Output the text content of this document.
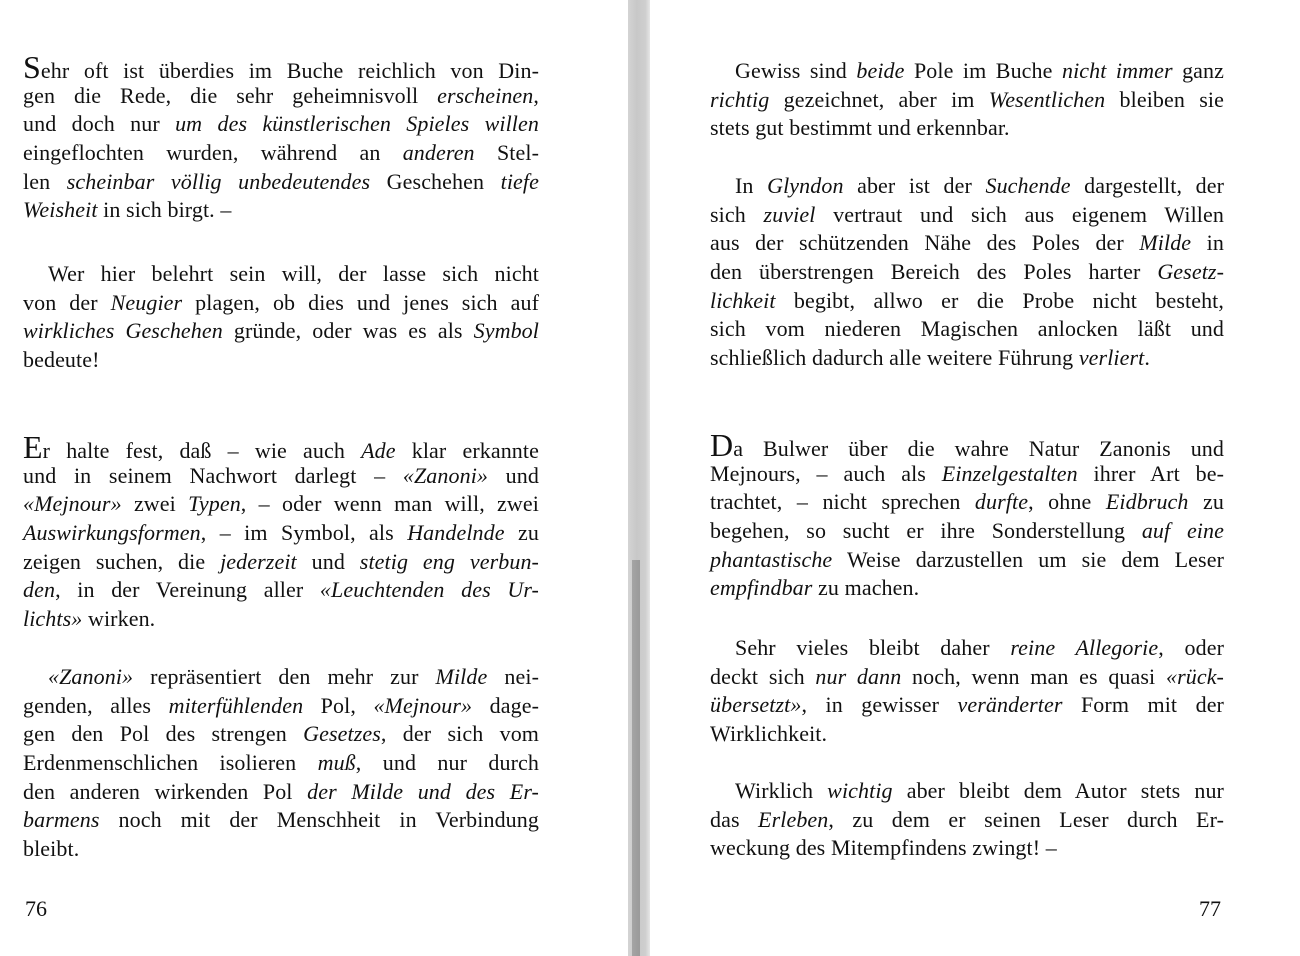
Sehr oft ist überdies im Buche reichlich von Din-
gen die Rede, die sehr geheimnisvoll erscheinen,
und doch nur um des künstlerischen Spieles willen
eingeflochten wurden, während an anderen Stel-
len scheinbar völlig unbedeutendes Geschehen tiefe
Weisheit in sich birgt. –
Wer hier belehrt sein will, der lasse sich nicht
von der Neugier plagen, ob dies und jenes sich auf
wirkliches Geschehen gründe, oder was es als Symbol
bedeute!
Er halte fest, daß – wie auch Ade klar erkannte
und in seinem Nachwort darlegt – «Zanoni» und
«Mejnour» zwei Typen, – oder wenn man will, zwei
Auswirkungsformen, – im Symbol, als Handelnde zu
zeigen suchen, die jederzeit und stetig eng verbun-
den, in der Vereinung aller «Leuchtenden des Ur-
lichts» wirken.
«Zanoni» repräsentiert den mehr zur Milde nei-
genden, alles miterfühlenden Pol, «Mejnour» dage-
gen den Pol des strengen Gesetzes, der sich vom
Erdenmenschlichen isolieren muß, und nur durch
den anderen wirkenden Pol der Milde und des Er-
barmens noch mit der Menschheit in Verbindung
bleibt.
76
Gewiss sind beide Pole im Buche nicht immer ganz
richtig gezeichnet, aber im Wesentlichen bleiben sie
stets gut bestimmt und erkennbar.
In Glyndon aber ist der Suchende dargestellt, der
sich zuviel vertraut und sich aus eigenem Willen
aus der schützenden Nähe des Poles der Milde in
den überstrengen Bereich des Poles harter Gesetz-
lichkeit begibt, allwo er die Probe nicht besteht,
sich vom niederen Magischen anlocken läßt und
schließlich dadurch alle weitere Führung verliert.
Da Bulwer über die wahre Natur Zanonis und
Mejnours, – auch als Einzelgestalten ihrer Art be-
trachtet, – nicht sprechen durfte, ohne Eidbruch zu
begehen, so sucht er ihre Sonderstellung auf eine
phantastische Weise darzustellen um sie dem Leser
empfindbar zu machen.
Sehr vieles bleibt daher reine Allegorie, oder
deckt sich nur dann noch, wenn man es quasi «rück-
übersetzt», in gewisser veränderter Form mit der
Wirklichkeit.
Wirklich wichtig aber bleibt dem Autor stets nur
das Erleben, zu dem er seinen Leser durch Er-
weckung des Mitempfindens zwingt! –
77
